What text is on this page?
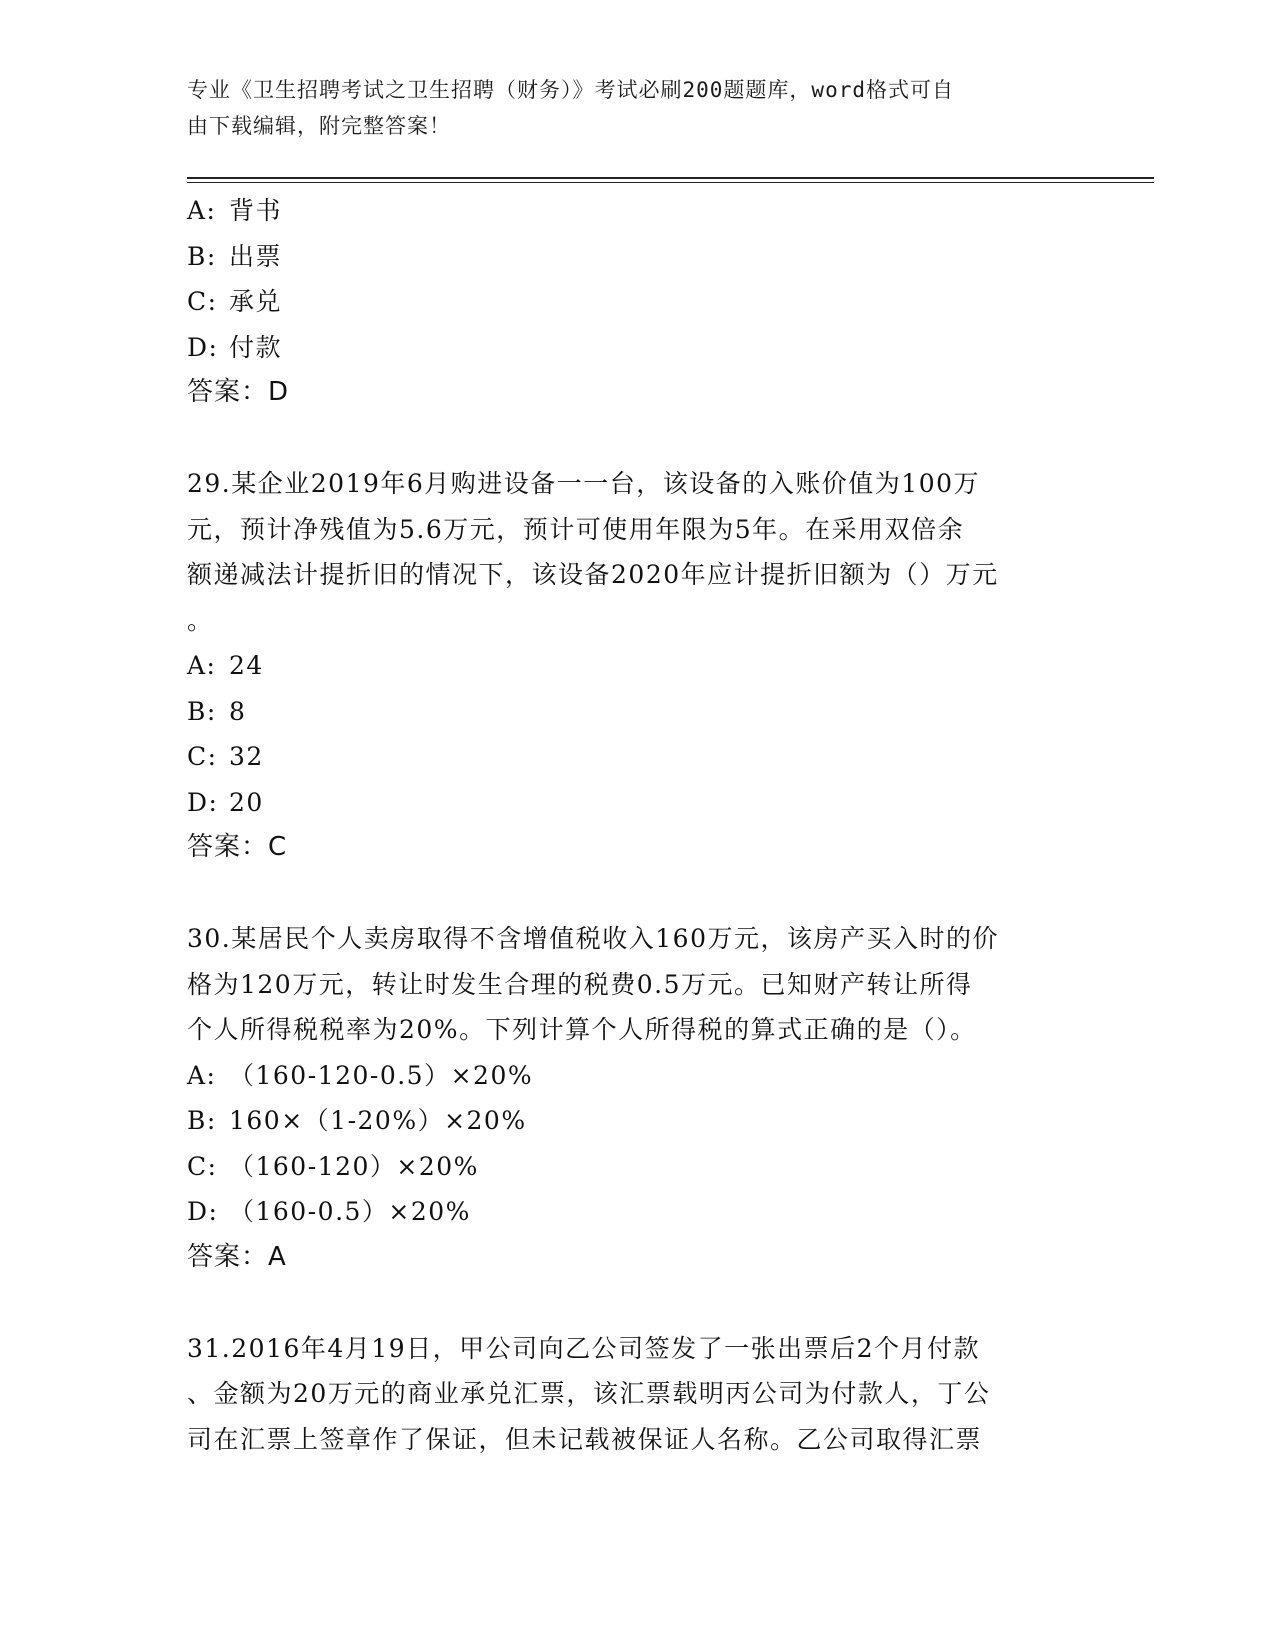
专业《卫生招聘考试之卫生招聘（财务）》考试必刷200题题库，word格式可自
由下载编辑，附完整答案！
A: 背书
B: 出票
C: 承兑
D: 付款
答案：D
29.某企业2019年6月购进设备一一台，该设备的入账价值为100万
元，预计净残值为5.6万元，预计可使用年限为5年。在采用双倍余
额递减法计提折旧的情况下，该设备2020年应计提折旧额为（）万元
。
A: 24
B: 8
C: 32
D: 20
答案：C
30.某居民个人卖房取得不含增值税收入160万元，该房产买入时的价
格为120万元，转让时发生合理的税费0.5万元。已知财产转让所得
个人所得税税率为20%。下列计算个人所得税的算式正确的是（）。
A: （160-120-0.5）×20%
B: 160×（1-20%）×20%
C: （160-120）×20%
D: （160-0.5）×20%
答案：A
31.2016年4月19日，甲公司向乙公司签发了一张出票后2个月付款
、金额为20万元的商业承兑汇票，该汇票载明丙公司为付款人，丁公
司在汇票上签章作了保证，但未记载被保证人名称。乙公司取得汇票
